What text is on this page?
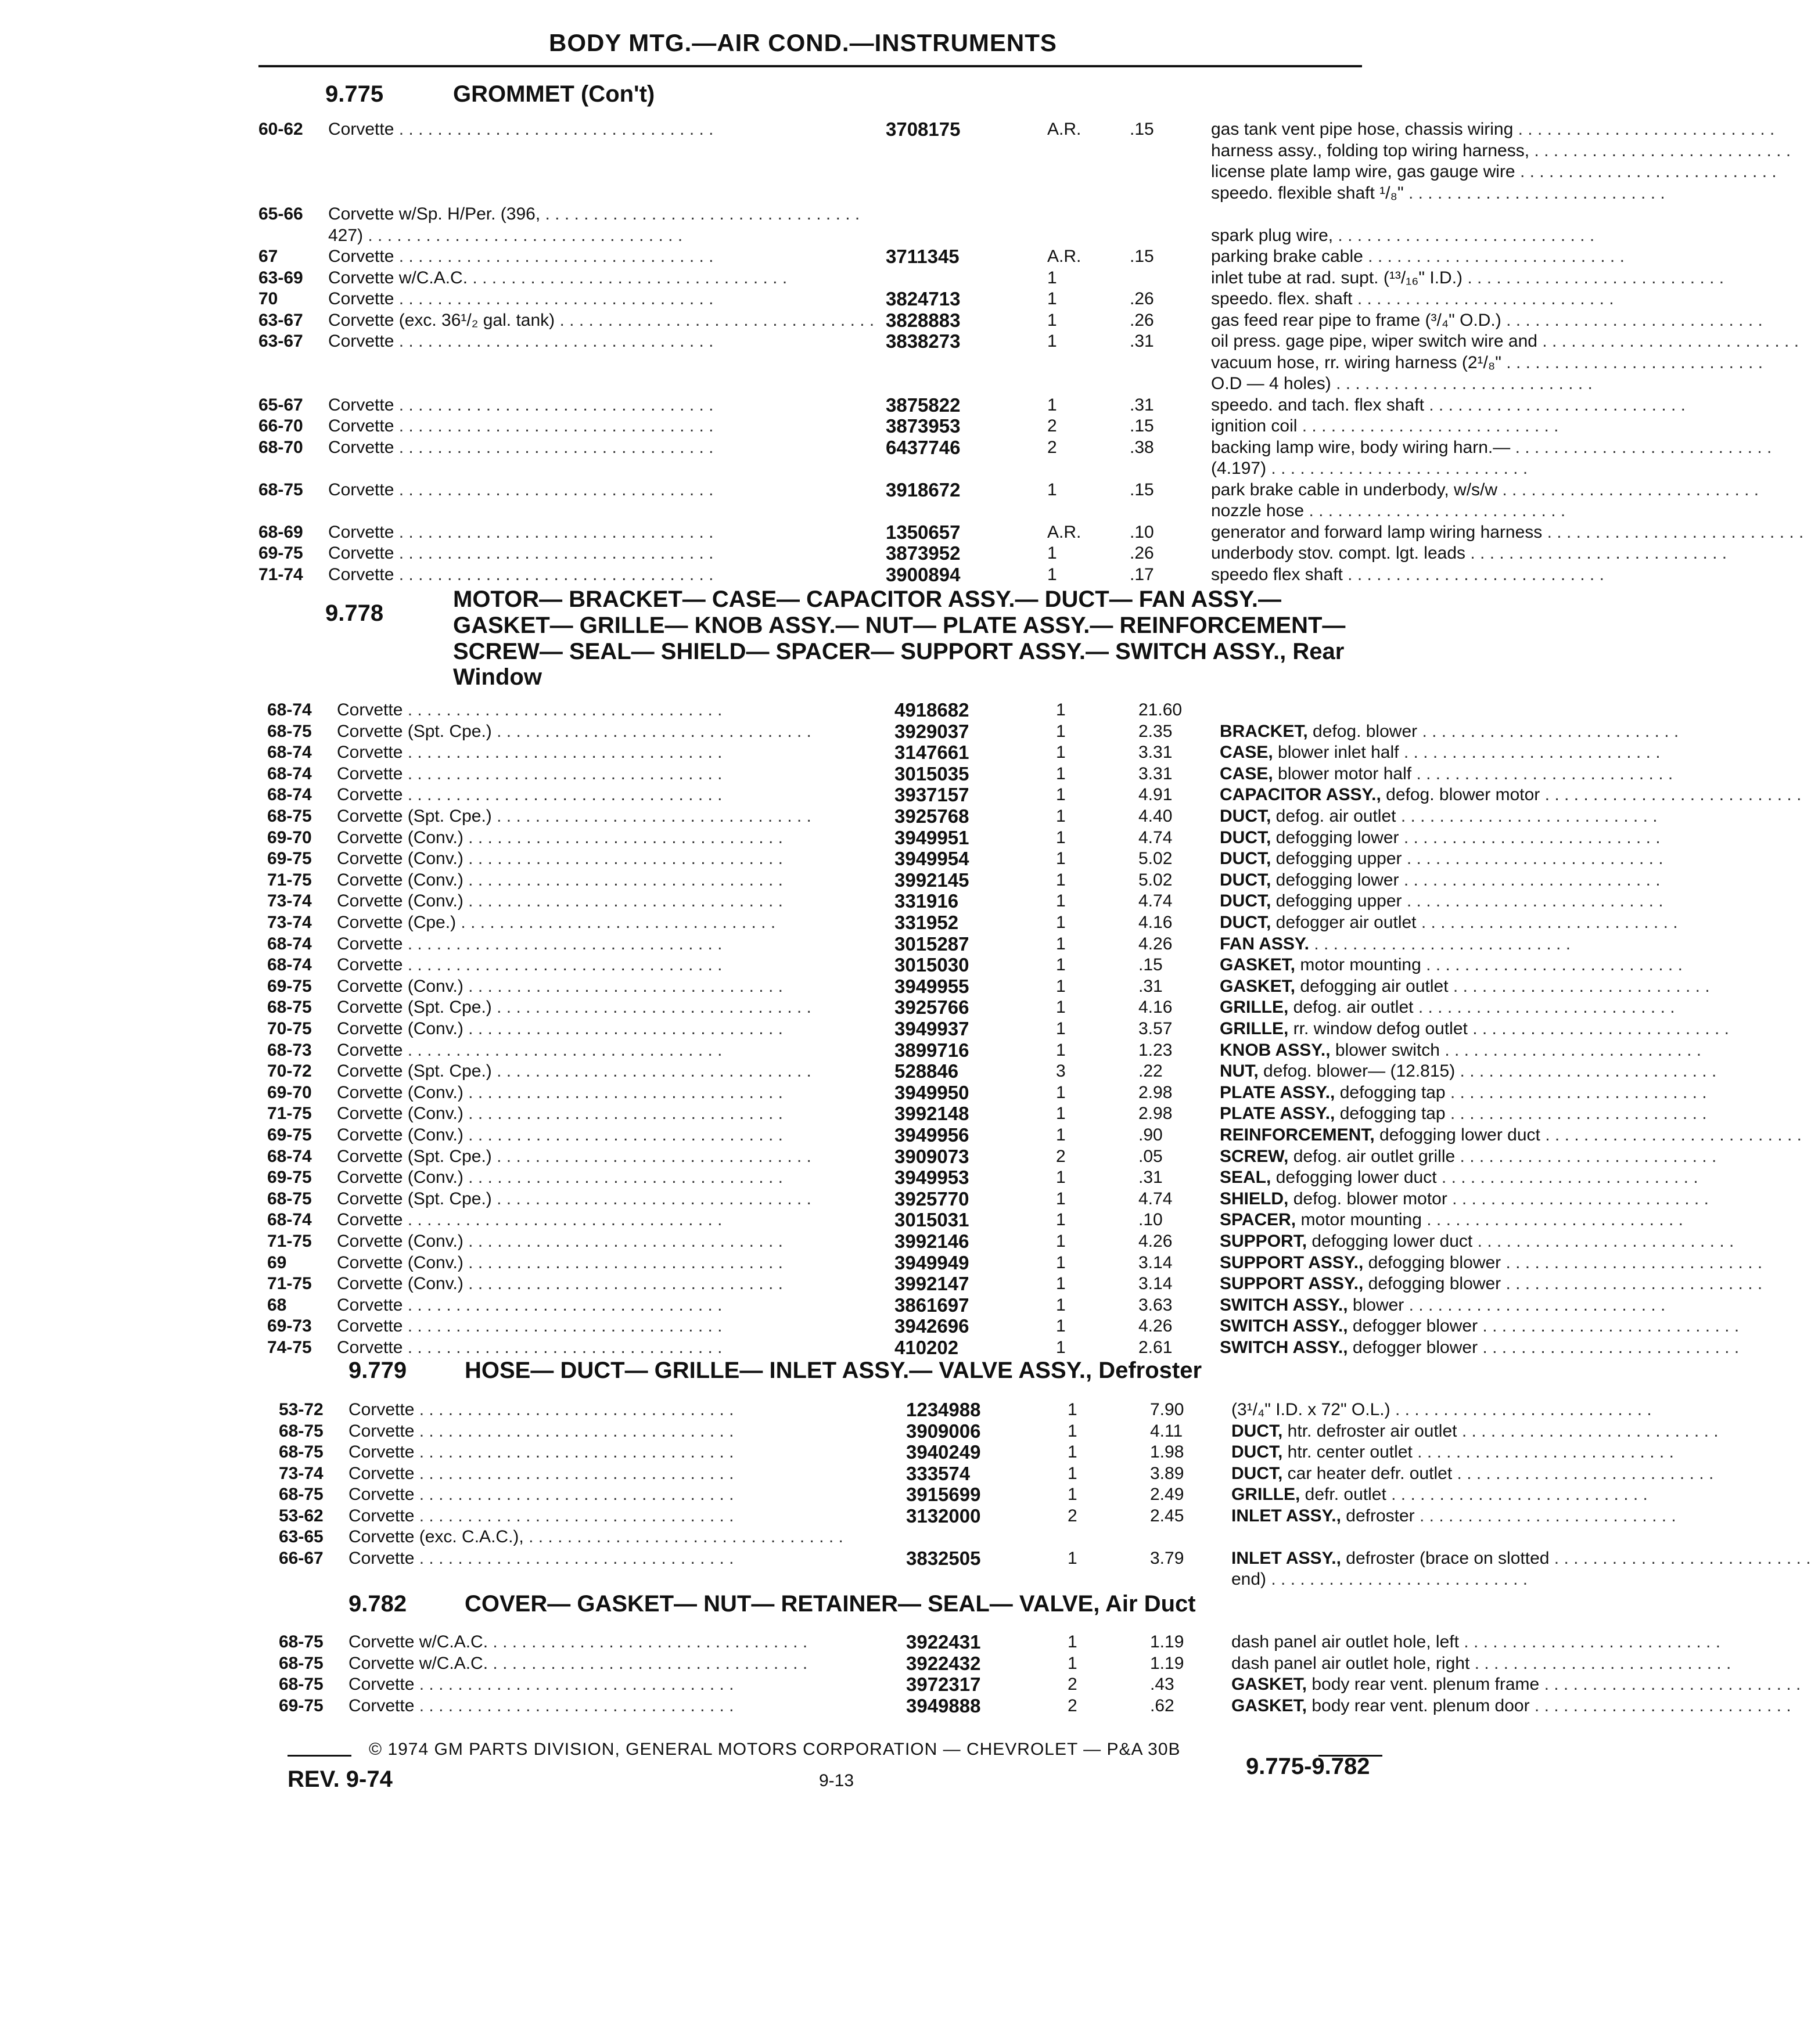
BODY MTG.—AIR COND.—INSTRUMENTS
9.775	GROMMET (Con't)
60-62 Corvette . . .	3708175	A.R.	.15	gas tank vent pipe hose, chassis wiring . . .
harness assy., folding top wiring harness, . . .
license plate lamp wire, gas gauge wire . . .
speedo. flexible shaft ¹/₈" . . .
65-66 Corvette w/Sp. H/Per. (396, . . .
427) . . .	spark plug wire, . . .
67	Corvette . . .	3711345	A.R.	.15	parking brake cable . . .
63-69 Corvette w/C.A.C. . . .	1	inlet tube at rad. supt. (¹³/₁₆" I.D.) . . .
70	Corvette . . .	3824713	1	.26	speedo. flex. shaft . . .
63-67 Corvette (exc. 36¹/₂ gal. tank) . . .	3828883	1	.26	gas feed rear pipe to frame (³/₄" O.D.) . . .
63-67 Corvette . . .	3838273	1	.31	oil press. gage pipe, wiper switch wire and . . .
vacuum hose, rr. wiring harness (2¹/₈" . . .
O.D — 4 holes) . . .
65-67 Corvette . . .	3875822	1	.31	speedo. and tach. flex shaft . . .
66-70 Corvette . . .	3873953	2	.15	ignition coil . . .
68-70 Corvette . . .	6437746	2	.38	backing lamp wire, body wiring harn.— . . .
(4.197) . . .
68-75 Corvette . . .	3918672	1	.15	park brake cable in underbody, w/s/w . . .
nozzle hose . . .
68-69 Corvette . . .	1350657	A.R.	.10	generator and forward lamp wiring harness . . .
69-75 Corvette . . .	3873952	1	.26	underbody stov. compt. lgt. leads . . .
71-74 Corvette . . .	3900894	1	.17	speedo flex shaft . . .
9.778
MOTOR— BRACKET— CASE— CAPACITOR ASSY.— DUCT— FAN ASSY.— GASKET— GRILLE— KNOB ASSY.— NUT— PLATE ASSY.— REINFORCEMENT— SCREW— SEAL— SHIELD— SPACER— SUPPORT ASSY.— SWITCH ASSY., Rear Window
68-74 Corvette . . .	4918682	1	21.60
68-75 Corvette (Spt. Cpe.) . . .	3929037	1	2.35	BRACKET, defog. blower . . .
68-74 Corvette . . .	3147661	1	3.31	CASE, blower inlet half . . .
68-74 Corvette . . .	3015035	1	3.31	CASE, blower motor half . . .
68-74 Corvette . . .	3937157	1	4.91	CAPACITOR ASSY., defog. blower motor . . .
68-75 Corvette (Spt. Cpe.) . . .	3925768	1	4.40	DUCT, defog. air outlet . . .
69-70 Corvette (Conv.) . . .	3949951	1	4.74	DUCT, defogging lower . . .
69-75 Corvette (Conv.) . . .	3949954	1	5.02	DUCT, defogging upper . . .
71-75 Corvette (Conv.) . . .	3992145	1	5.02	DUCT, defogging lower . . .
73-74 Corvette (Conv.) . . .	331916	1	4.74	DUCT, defogging upper . . .
73-74 Corvette (Cpe.) . . .	331952	1	4.16	DUCT, defogger air outlet . . .
68-74 Corvette . . .	3015287	1	4.26	FAN ASSY. . . .
68-74 Corvette . . .	3015030	1	.15	GASKET, motor mounting . . .
69-75 Corvette (Conv.) . . .	3949955	1	.31	GASKET, defogging air outlet . . .
68-75 Corvette (Spt. Cpe.) . . .	3925766	1	4.16	GRILLE, defog. air outlet . . .
70-75 Corvette (Conv.) . . .	3949937	1	3.57	GRILLE, rr. window defog outlet . . .
68-73 Corvette . . .	3899716	1	1.23	KNOB ASSY., blower switch . . .
70-72 Corvette (Spt. Cpe.) . . .	528846	3	.22	NUT, defog. blower— (12.815) . . .
69-70 Corvette (Conv.) . . .	3949950	1	2.98	PLATE ASSY., defogging tap . . .
71-75 Corvette (Conv.) . . .	3992148	1	2.98	PLATE ASSY., defogging tap . . .
69-75 Corvette (Conv.) . . .	3949956	1	.90	REINFORCEMENT, defogging lower duct . . .
68-74 Corvette (Spt. Cpe.) . . .	3909073	2	.05	SCREW, defog. air outlet grille . . .
69-75 Corvette (Conv.) . . .	3949953	1	.31	SEAL, defogging lower duct . . .
68-75 Corvette (Spt. Cpe.) . . .	3925770	1	4.74	SHIELD, defog. blower motor . . .
68-74 Corvette . . .	3015031	1	.10	SPACER, motor mounting . . .
71-75 Corvette (Conv.) . . .	3992146	1	4.26	SUPPORT, defogging lower duct . . .
69	Corvette (Conv.) . . .	3949949	1	3.14	SUPPORT ASSY., defogging blower . . .
71-75 Corvette (Conv.) . . .	3992147	1	3.14	SUPPORT ASSY., defogging blower . . .
68	Corvette . . .	3861697	1	3.63	SWITCH ASSY., blower . . .
69-73 Corvette . . .	3942696	1	4.26	SWITCH ASSY., defogger blower . . .
74-75 Corvette . . .	410202	1	2.61	SWITCH ASSY., defogger blower . . .
9.779	HOSE— DUCT— GRILLE— INLET ASSY.— VALVE ASSY., Defroster
53-72 Corvette . . .	1234988	1	7.90	(3¹/₄" I.D. x 72" O.L.) . . .
68-75 Corvette . . .	3909006	1	4.11	DUCT, htr. defroster air outlet . . .
68-75 Corvette . . .	3940249	1	1.98	DUCT, htr. center outlet . . .
73-74 Corvette . . .	333574	1	3.89	DUCT, car heater defr. outlet . . .
68-75 Corvette . . .	3915699	1	2.49	GRILLE, defr. outlet . . .
53-62 Corvette . . .	3132000	2	2.45	INLET ASSY., defroster . . .
63-65 Corvette (exc. C.A.C.), . . .
66-67 Corvette . . .	3832505	1	3.79	INLET ASSY., defroster (brace on slotted . . .
end) . . .
9.782	COVER— GASKET— NUT— RETAINER— SEAL— VALVE, Air Duct
68-75 Corvette w/C.A.C. . . .	3922431	1	1.19	dash panel air outlet hole, left . . .
68-75 Corvette w/C.A.C. . . .	3922432	1	1.19	dash panel air outlet hole, right . . .
68-75 Corvette . . .	3972317	2	.43	GASKET, body rear vent. plenum frame . . .
69-75 Corvette . . .	3949888	2	.62	GASKET, body rear vent. plenum door . . .
© 1974 GM PARTS DIVISION, GENERAL MOTORS CORPORATION — CHEVROLET — P&A 30B
REV. 9-74	9-13
9.775-9.782
